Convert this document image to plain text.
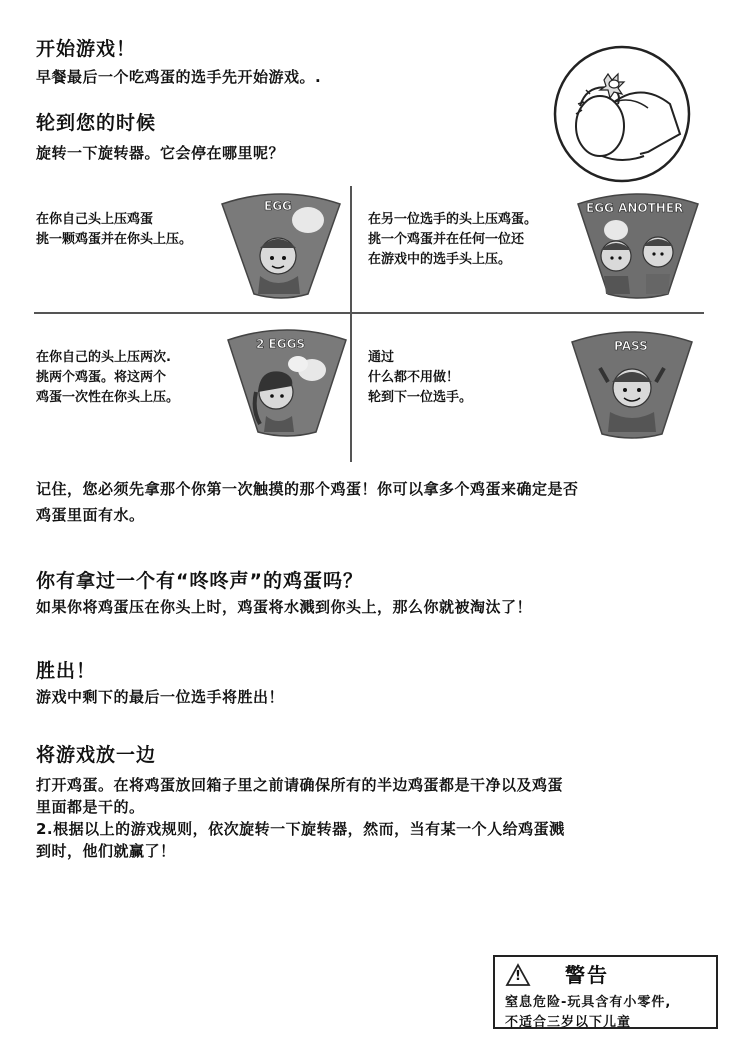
开始游戏！
早餐最后一个吃鸡蛋的选手先开始游戏。.
轮到您的时候
旋转一下旋转器。它会停在哪里呢？
在你自己头上压鸡蛋
挑一颗鸡蛋并在你头上压。
EGG
在另一位选手的头上压鸡蛋。
挑一个鸡蛋并在任何一位还
在游戏中的选手头上压。
EGG ANOTHER
在你自己的头上压两次.
挑两个鸡蛋。将这两个
鸡蛋一次性在你头上压。
2 EGGS
通过
什么都不用做！
轮到下一位选手。
PASS
记住，您必须先拿那个你第一次触摸的那个鸡蛋！你可以拿多个鸡蛋来确定是否
鸡蛋里面有水。
你有拿过一个有“咚咚声”的鸡蛋吗？
如果你将鸡蛋压在你头上时，鸡蛋将水溅到你头上，那么你就被淘汰了！
胜出！
游戏中剩下的最后一位选手将胜出！
将游戏放一边
打开鸡蛋。在将鸡蛋放回箱子里之前请确保所有的半边鸡蛋都是干净以及鸡蛋
里面都是干的。
2.根据以上的游戏规则，依次旋转一下旋转器，然而，当有某一个人给鸡蛋溅
到时，他们就赢了！
! 警告
窒息危险-玩具含有小零件,
不适合三岁以下儿童
